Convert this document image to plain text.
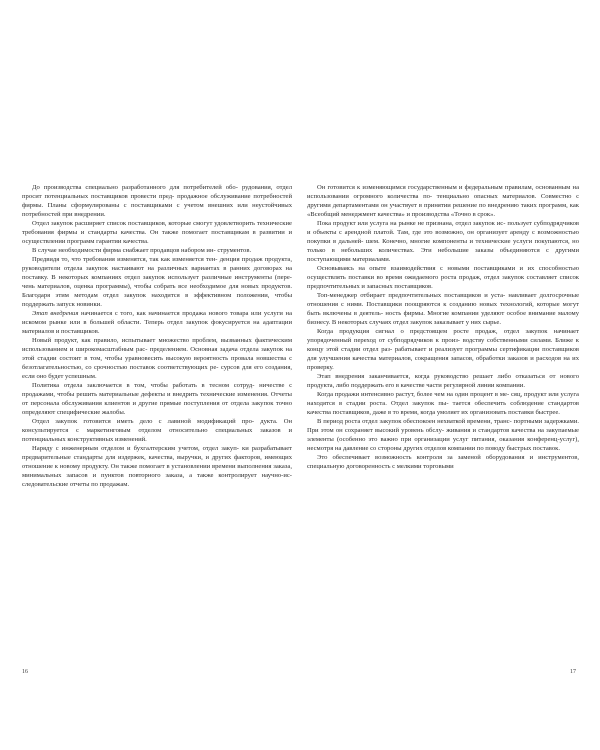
До производства специально разработанного для потребителей обо- рудования, отдел просит потенциальных поставщиков провести пред- продажное обслуживание потребностей фирмы. Планы сформулированы с поставщиками с учетом внешних или неустойчивых потребностей при внедрении.

Отдел закупок расширяет список поставщиков, которые смогут удовлетворить технические требования фирмы и стандарты качества. Он также помогает поставщикам в развитии и осуществлении программ гарантии качества.

В случае необходимости фирма снабжает продавцов набором ин- струментов.

Предвидя то, что требования изменятся, так как изменяется тен- денция продаж продукта, руководители отдела закупок настаивают на различных вариантах в ранних договорах на поставку. В некоторых компаниях отдел закупок использует различные инструменты (пере- чень материалов, оценка программы), чтобы собрать все необходимое для новых продуктов. Благодаря этим методам отдел закупок находится в эффективном положении, чтобы поддержать запуск новинки.

Этап внедрения начинается с того, как начинается продажа нового товара или услуги на искомом рынке или в большей области. Теперь отдел закупок фокусируется на адаптации материалов и поставщиков.

Новый продукт, как правило, испытывает множество проблем, вызванных фактическим использованием и широкомасштабным рас- пределением. Основная задача отдела закупок на этой стадии состоит в том, чтобы уравновесить высокую вероятность провала новшества с безотлагательностью, со срочностью поставок соответствующих ре- сурсов для его создания, если оно будет успешным.

Политика отдела заключается в том, чтобы работать в тесном сотруд- ничестве с продажами, чтобы решить материальные дефекты и внедрить технические изменения. Отчеты от персонала обслуживания клиентов и другие прямые поступления от отдела закупок точно определяют специфические жалобы.

Отдел закупок готовится иметь дело с лавиной модификаций про- дукта. Он консультируется с маркетинговым отделом относительно специальных заказов и потенциальных конструктивных изменений.

Наряду с инженерным отделом и бухгалтерским учетом, отдел закуп- ки разрабатывает предварительные стандарты для издержек, качества, выручки, и других факторов, имеющих отношение к новому продукту. Он также помогает в установлении времени выполнения заказа, минимальных запасов и пунктов повторного заказа, а также контролирует научно-ис- следовательские отчеты по продажам.

Он готовится к изменяющимся государственным и федеральным правилам, основанным на использовании огромного количества по- тенциально опасных материалов. Совместно с другими департаментами он участвует в принятии решение по внедрению таких программ, как «Всеобщий менеджмент качества» и производства «Точно в срок».

Пока продукт или услуга на рынке не признана, отдел закупок ис- пользует субподрядчиков и объекты с арендной платой. Там, где это возможно, он организует аренду с возможностью покупки в дальней- шем. Конечно, многие компоненты и технические услуги покупаются, но только в небольших количествах. Эти небольшие заказы объединяются с другими поступающими материалами.

Основываясь на опыте взаимодействия с новыми поставщиками и их способностью осуществлять поставки во время ожидаемого роста продаж, отдел закупок составляет список предпочтительных и запасных поставщиков.

Топ-менеджер отбирает предпочтительных поставщиков и уста- навливает долгосрочные отношения с ними. Поставщики поощряются к созданию новых технологий, которые могут быть включены в деятель- ность фирмы. Многие компании уделяют особое внимание малому бизнесу. В некоторых случаях отдел закупок заказывает у них сырье.

Когда продукция сигнал о предстоящем росте продаж, отдел закупок начинает упорядоченный переход от субподрядчиков к произ- водству собственными силами. Ближе к концу этой стадии отдел раз- рабатывает и реализует программы сертификации поставщиков для улучшения качества материалов, сокращения запасов, обработки заказов и расходов на их проверку.

Этап внедрения заканчивается, когда руководство решает либо отказаться от нового продукта, либо поддержать его в качестве части регулярной линии компании.

Когда продажи интенсивно растут, более чем на один процент в ме- сяц, продукт или услуга находятся в стадии роста. Отдел закупок пы- тается обеспечить соблюдение стандартов качества поставщиков, даже в то время, когда умоляет их организовать поставки быстрее.

В период роста отдел закупок обеспокоен нехваткой времени, транс- портными задержками. При этом он сохраняет высокий уровень обслу- живания и стандартов качества на закупаемые элементы (особенно это важно при организации услуг питания, оказания конференц-услуг), несмотря на давление со стороны других отделов компании по поводу быстрых поставок.

Это обеспечивает возможность контроля за заменой оборудования и инструментов, специальную договоренность с мелкими торговыми

16	17
